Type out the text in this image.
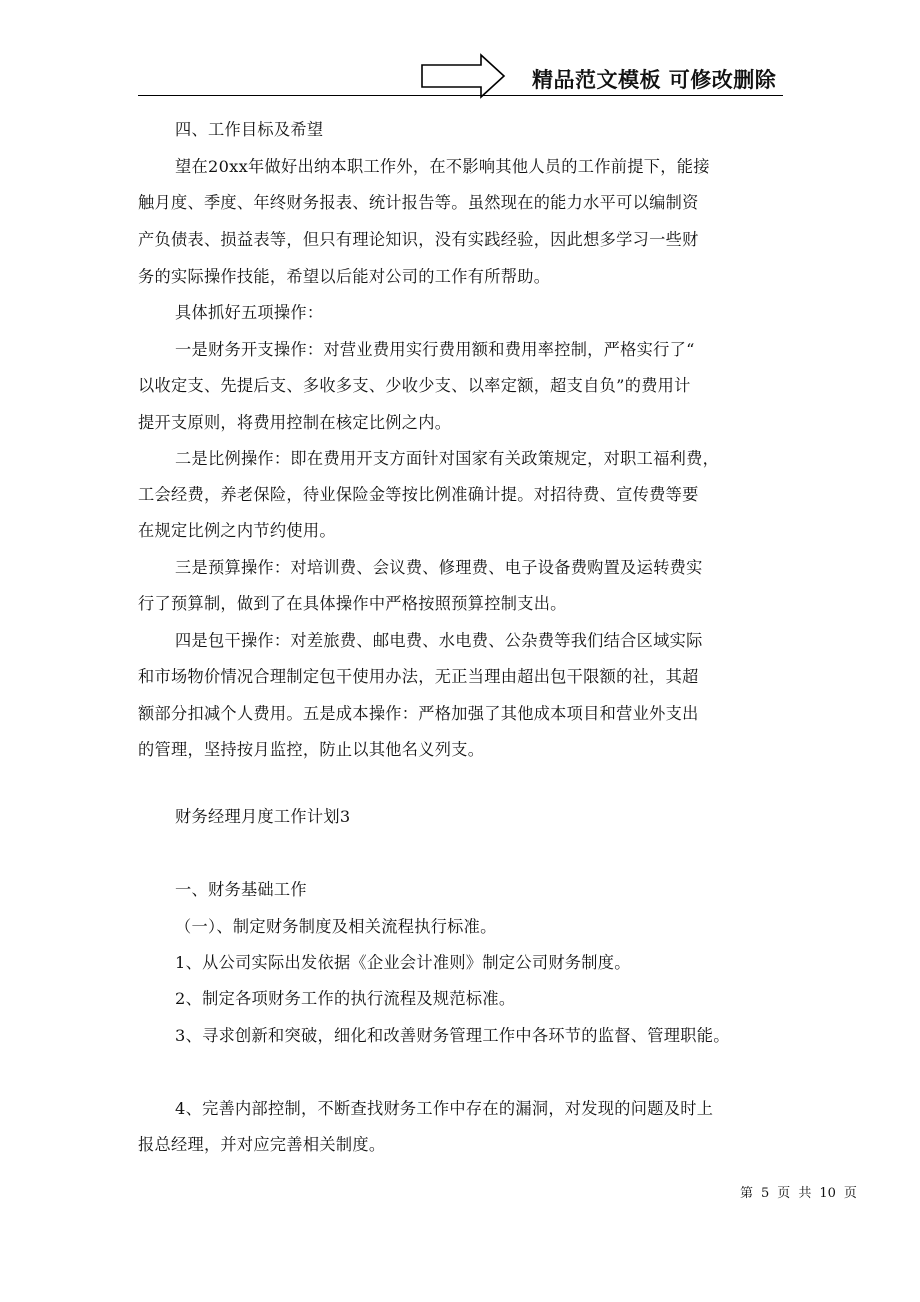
精品范文模板 可修改删除
四、工作目标及希望
望在20xx年做好出纳本职工作外，在不影响其他人员的工作前提下，能接
触月度、季度、年终财务报表、统计报告等。虽然现在的能力水平可以编制资
产负债表、损益表等，但只有理论知识，没有实践经验，因此想多学习一些财
务的实际操作技能，希望以后能对公司的工作有所帮助。
具体抓好五项操作：
一是财务开支操作：对营业费用实行费用额和费用率控制，严格实行了“
以收定支、先提后支、多收多支、少收少支、以率定额，超支自负”的费用计
提开支原则，将费用控制在核定比例之内。
二是比例操作：即在费用开支方面针对国家有关政策规定，对职工福利费，
工会经费，养老保险，待业保险金等按比例准确计提。对招待费、宣传费等要
在规定比例之内节约使用。
三是预算操作：对培训费、会议费、修理费、电子设备费购置及运转费实
行了预算制，做到了在具体操作中严格按照预算控制支出。
四是包干操作：对差旅费、邮电费、水电费、公杂费等我们结合区域实际
和市场物价情况合理制定包干使用办法，无正当理由超出包干限额的社，其超
额部分扣减个人费用。五是成本操作：严格加强了其他成本项目和营业外支出
的管理，坚持按月监控，防止以其他名义列支。
财务经理月度工作计划3
一、财务基础工作
（一）、制定财务制度及相关流程执行标准。
1、从公司实际出发依据《企业会计准则》制定公司财务制度。
2、制定各项财务工作的执行流程及规范标准。
3、寻求创新和突破，细化和改善财务管理工作中各环节的监督、管理职能。
4、完善内部控制，不断查找财务工作中存在的漏洞，对发现的问题及时上
报总经理，并对应完善相关制度。
第 5 页 共 10 页
